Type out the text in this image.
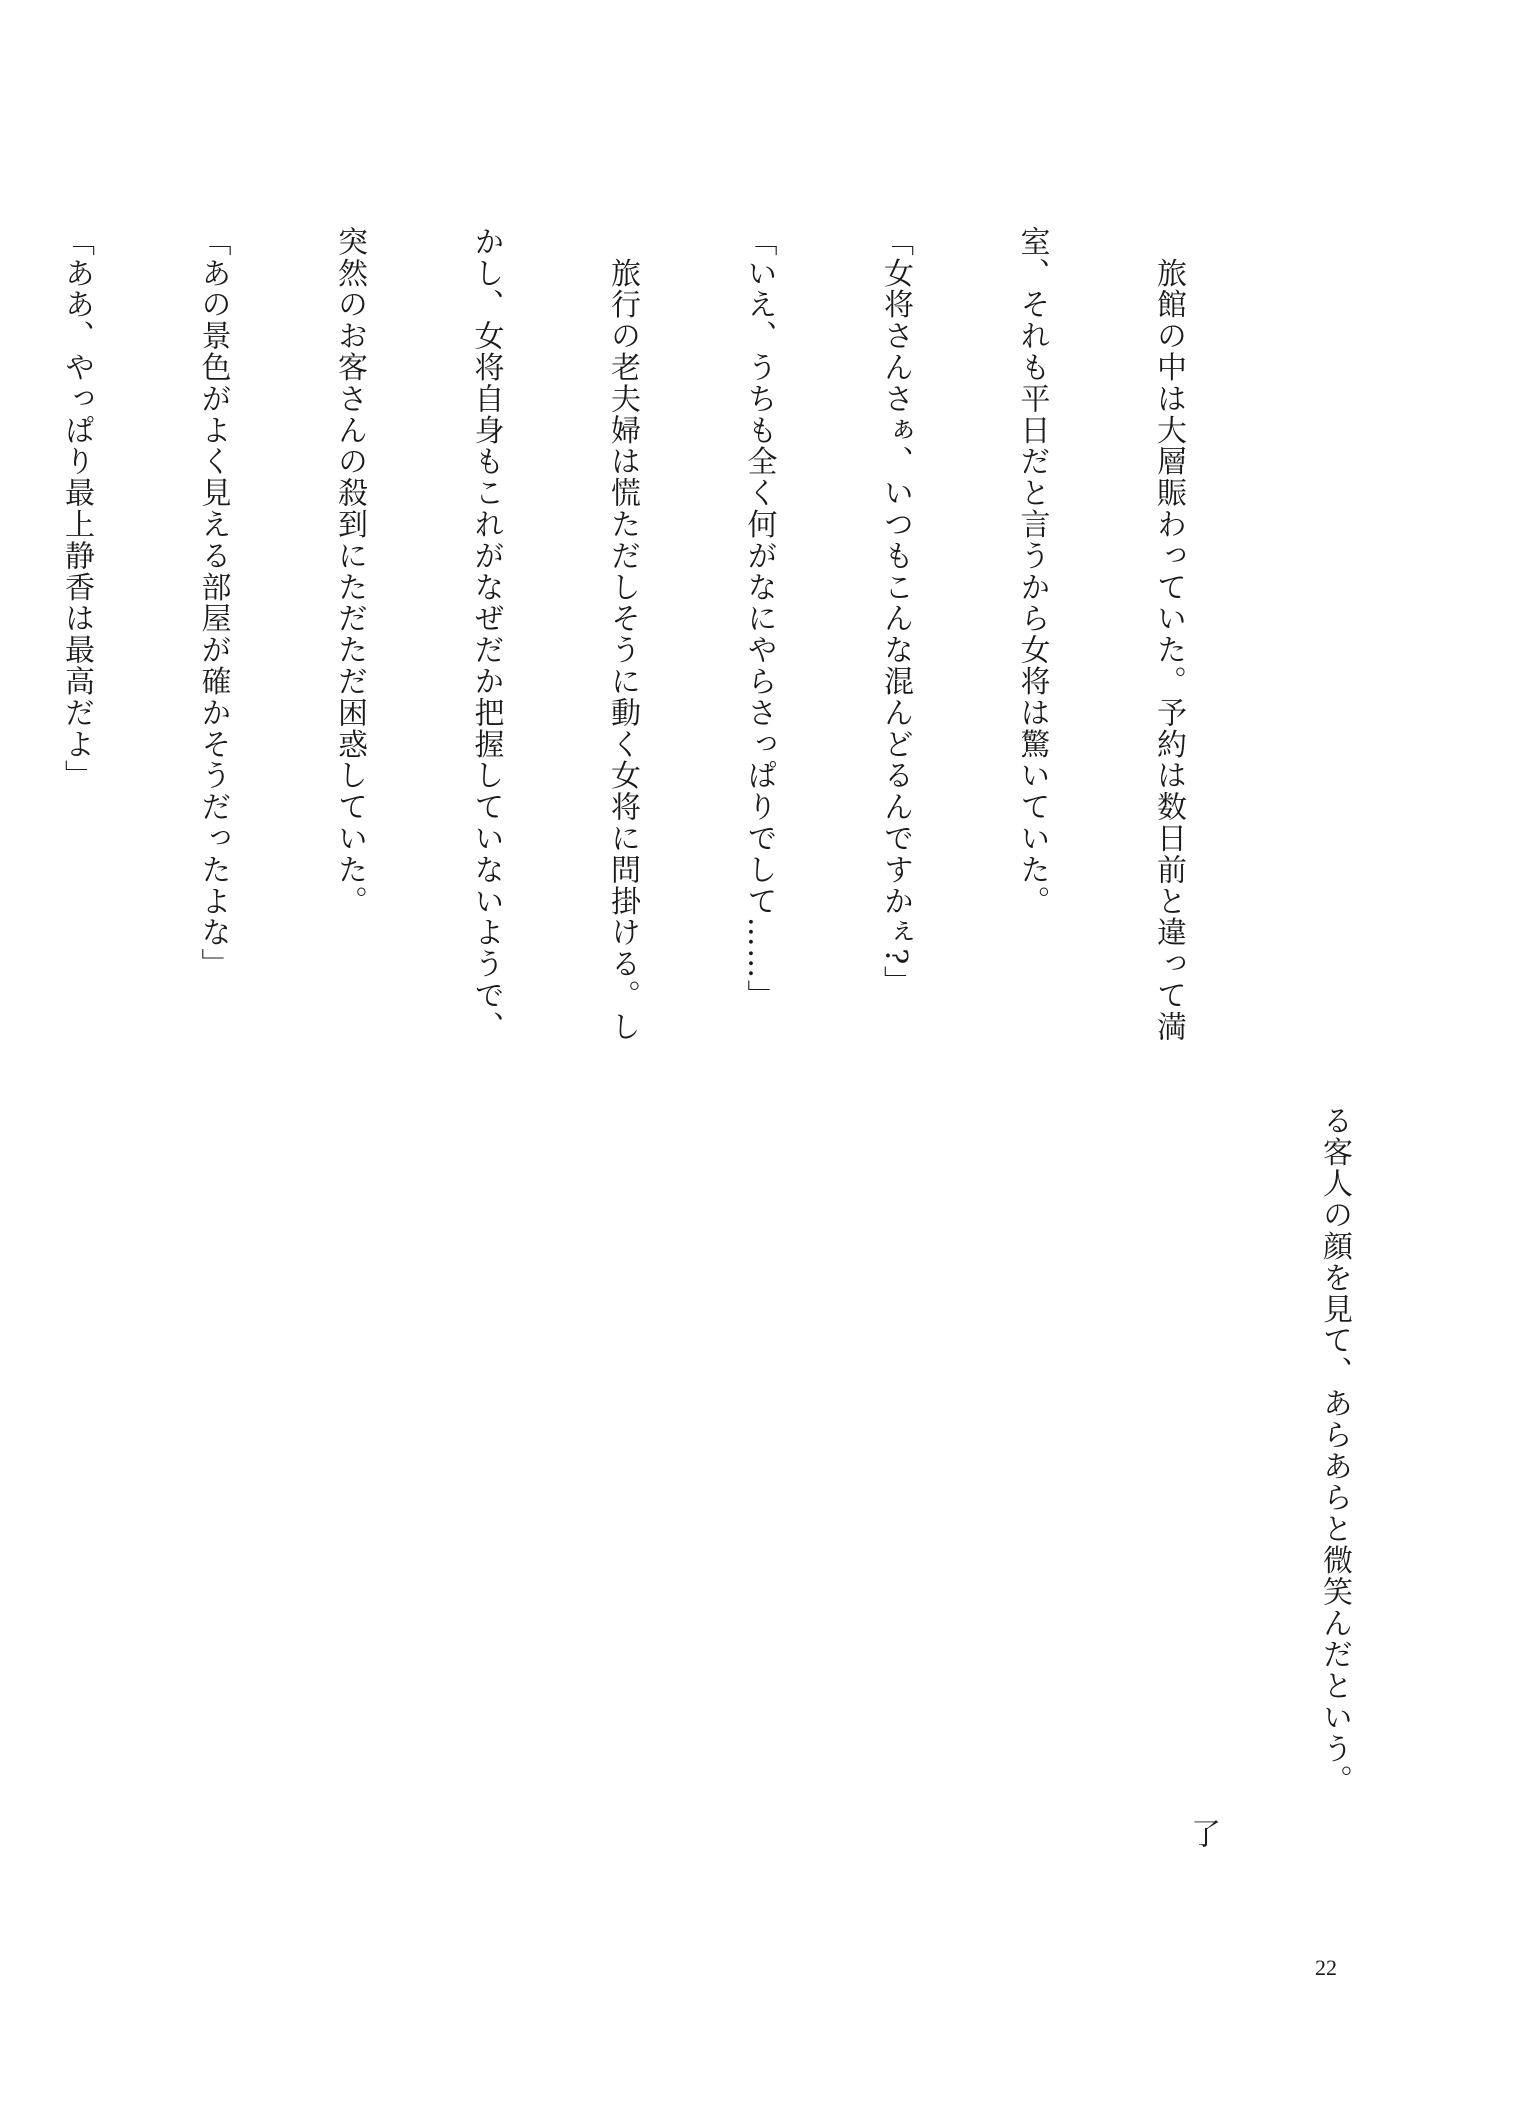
　旅館の中は大層賑わっていた。予約は数日前と違って満

室、それも平日だと言うから女将は驚いていた。

「女将さんさぁ、いつもこんな混んどるんですかぇ?」

「いえ、うちも全く何がなにやらさっぱりでして……」

　旅行の老夫婦は慌ただしそうに動く女将に問掛ける。し

かし、女将自身もこれがなぜだか把握していないようで、

突然のお客さんの殺到にただただ困惑していた。

「あの景色がよく見える部屋が確かそうだったよな」

「ああ、やっぱり最上静香は最高だよ」

る客人の顔を見て、あらあらと微笑んだという。
了
22
